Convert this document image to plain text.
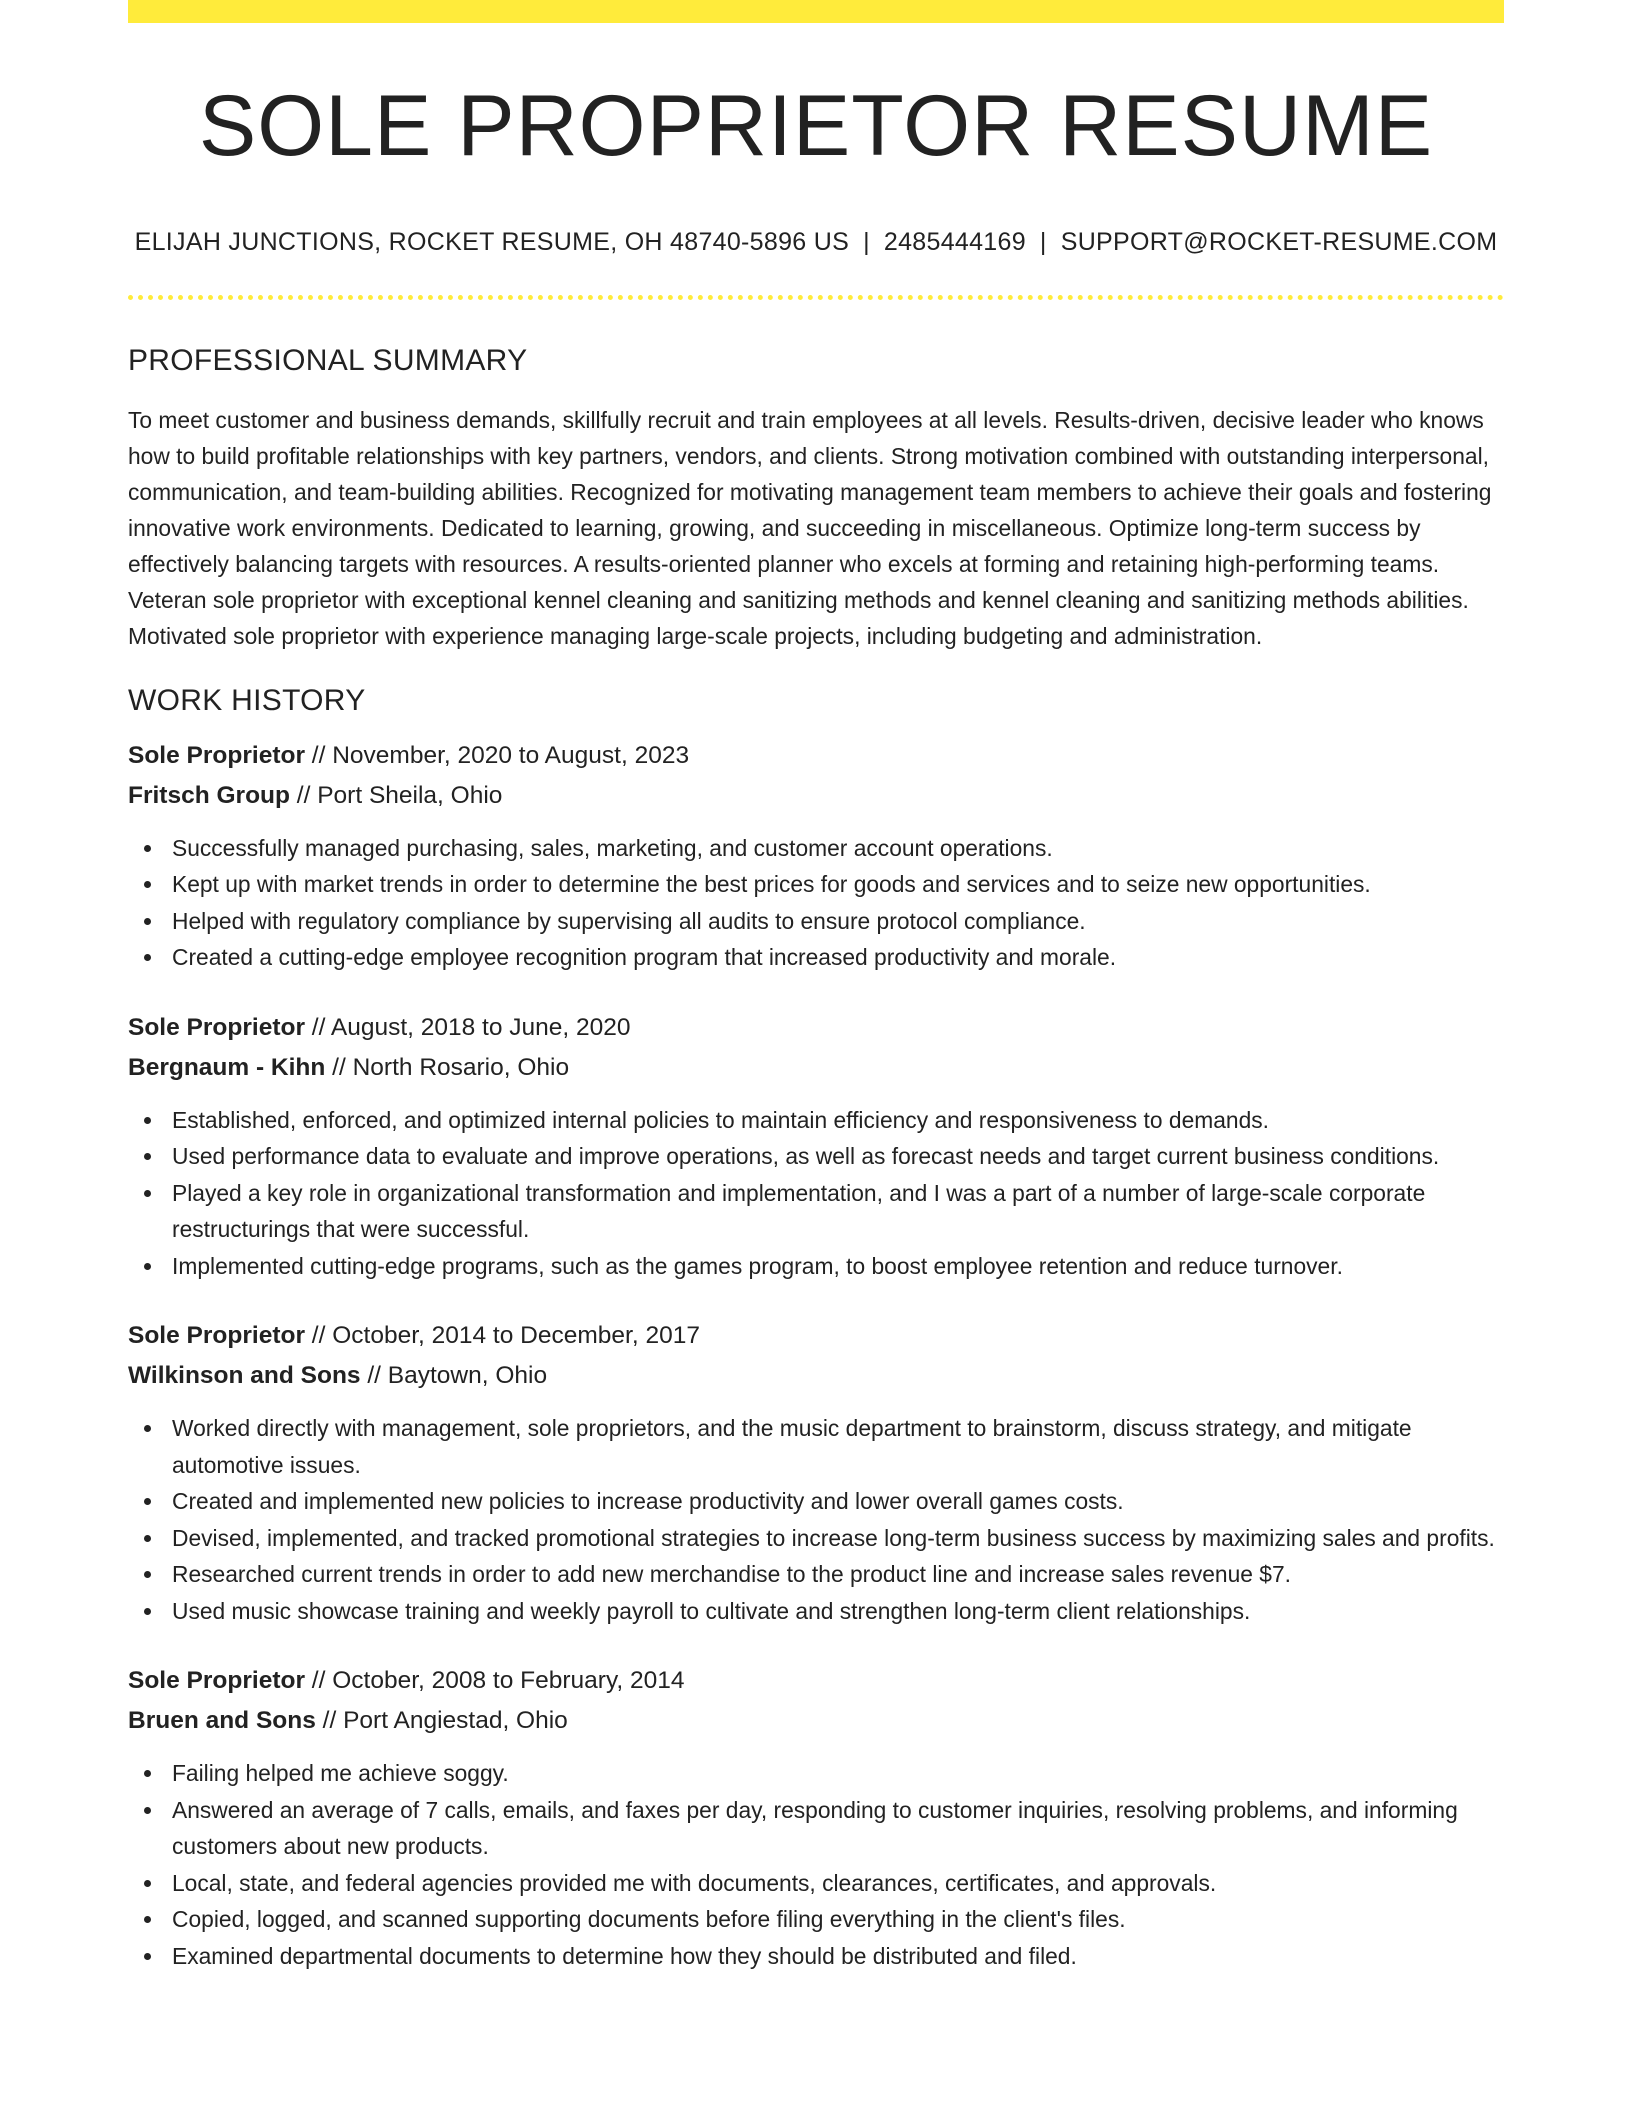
SOLE PROPRIETOR RESUME
ELIJAH JUNCTIONS, ROCKET RESUME, OH 48740-5896 US | 2485444169 | SUPPORT@ROCKET-RESUME.COM
PROFESSIONAL SUMMARY

To meet customer and business demands, skillfully recruit and train employees at all levels. Results-driven, decisive leader who knows how to build profitable relationships with key partners, vendors, and clients. Strong motivation combined with outstanding interpersonal, communication, and team-building abilities. Recognized for motivating management team members to achieve their goals and fostering innovative work environments. Dedicated to learning, growing, and succeeding in miscellaneous. Optimize long-term success by effectively balancing targets with resources. A results-oriented planner who excels at forming and retaining high-performing teams. Veteran sole proprietor with exceptional kennel cleaning and sanitizing methods and kennel cleaning and sanitizing methods abilities. Motivated sole proprietor with experience managing large-scale projects, including budgeting and administration.

WORK HISTORY
Sole Proprietor // November, 2020 to August, 2023
Fritsch Group // Port Sheila, Ohio
Successfully managed purchasing, sales, marketing, and customer account operations.
Kept up with market trends in order to determine the best prices for goods and services and to seize new opportunities.
Helped with regulatory compliance by supervising all audits to ensure protocol compliance.
Created a cutting-edge employee recognition program that increased productivity and morale.
Sole Proprietor // August, 2018 to June, 2020
Bergnaum - Kihn // North Rosario, Ohio
Established, enforced, and optimized internal policies to maintain efficiency and responsiveness to demands.
Used performance data to evaluate and improve operations, as well as forecast needs and target current business conditions.
Played a key role in organizational transformation and implementation, and I was a part of a number of large-scale corporate restructurings that were successful.
Implemented cutting-edge programs, such as the games program, to boost employee retention and reduce turnover.
Sole Proprietor // October, 2014 to December, 2017
Wilkinson and Sons // Baytown, Ohio
Worked directly with management, sole proprietors, and the music department to brainstorm, discuss strategy, and mitigate automotive issues.
Created and implemented new policies to increase productivity and lower overall games costs.
Devised, implemented, and tracked promotional strategies to increase long-term business success by maximizing sales and profits.
Researched current trends in order to add new merchandise to the product line and increase sales revenue $7.
Used music showcase training and weekly payroll to cultivate and strengthen long-term client relationships.
Sole Proprietor // October, 2008 to February, 2014
Bruen and Sons // Port Angiestad, Ohio
Failing helped me achieve soggy.
Answered an average of 7 calls, emails, and faxes per day, responding to customer inquiries, resolving problems, and informing customers about new products.
Local, state, and federal agencies provided me with documents, clearances, certificates, and approvals.
Copied, logged, and scanned supporting documents before filing everything in the client's files.
Examined departmental documents to determine how they should be distributed and filed.
